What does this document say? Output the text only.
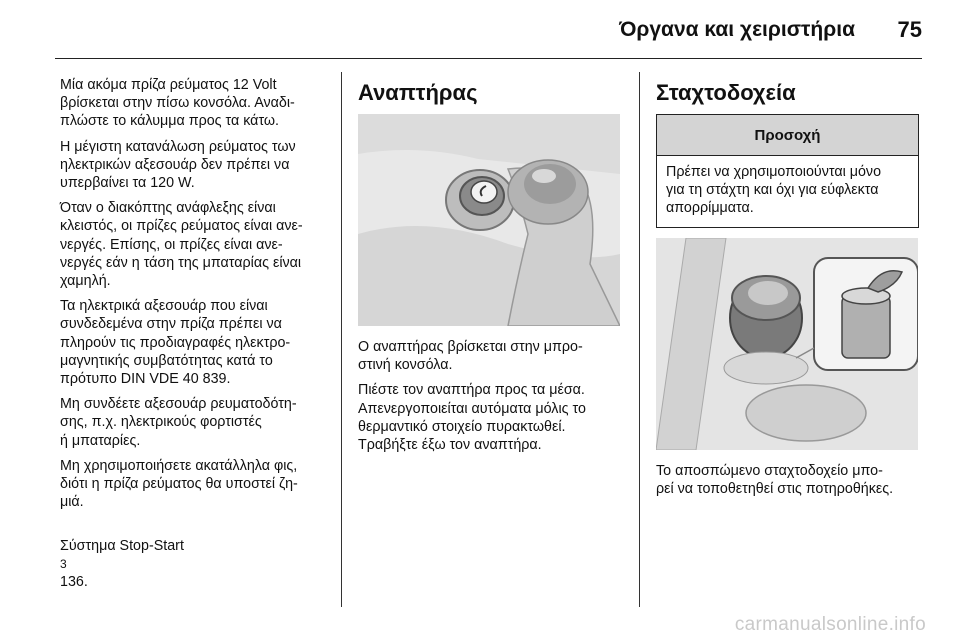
Όργανα και χειριστήρια 75

Μία ακόμα πρίζα ρεύματος 12 Volt
βρίσκεται στην πίσω κονσόλα. Αναδι-
πλώστε το κάλυμμα προς τα κάτω.

Η μέγιστη κατανάλωση ρεύματος των
ηλεκτρικών αξεσουάρ δεν πρέπει να
υπερβαίνει τα 120 W.

Όταν ο διακόπτης ανάφλεξης είναι
κλειστός, οι πρίζες ρεύματος είναι ανε-
νεργές. Επίσης, οι πρίζες είναι ανε-
νεργές εάν η τάση της μπαταρίας είναι
χαμηλή.

Τα ηλεκτρικά αξεσουάρ που είναι
συνδεδεμένα στην πρίζα πρέπει να
πληρούν τις προδιαγραφές ηλεκτρο-
μαγνητικής συμβατότητας κατά το
πρότυπο DIN VDE 40 839.

Μη συνδέετε αξεσουάρ ρευματοδότη-
σης, π.χ. ηλεκτρικούς φορτιστές
ή μπαταρίες.

Μη χρησιμοποιήσετε ακατάλληλα φις,
διότι η πρίζα ρεύματος θα υποστεί ζη-
μιά.

Σύστημα Stop-Start
3
136.

Αναπτήρας

Ο αναπτήρας βρίσκεται στην μπρο-
στινή κονσόλα.

Πιέστε τον αναπτήρα προς τα μέσα.
Απενεργοποιείται αυτόματα μόλις το
θερμαντικό στοιχείο πυρακτωθεί.
Τραβήξτε έξω τον αναπτήρα.

Σταχτοδοχεία
Προσοχή
Πρέπει να χρησιμοποιούνται μόνο
για τη στάχτη και όχι για εύφλεκτα
απορρίμματα.

Το αποσπώμενο σταχτοδοχείο μπο-
ρεί να τοποθετηθεί στις ποτηροθήκες.

carmanualsonline.info
